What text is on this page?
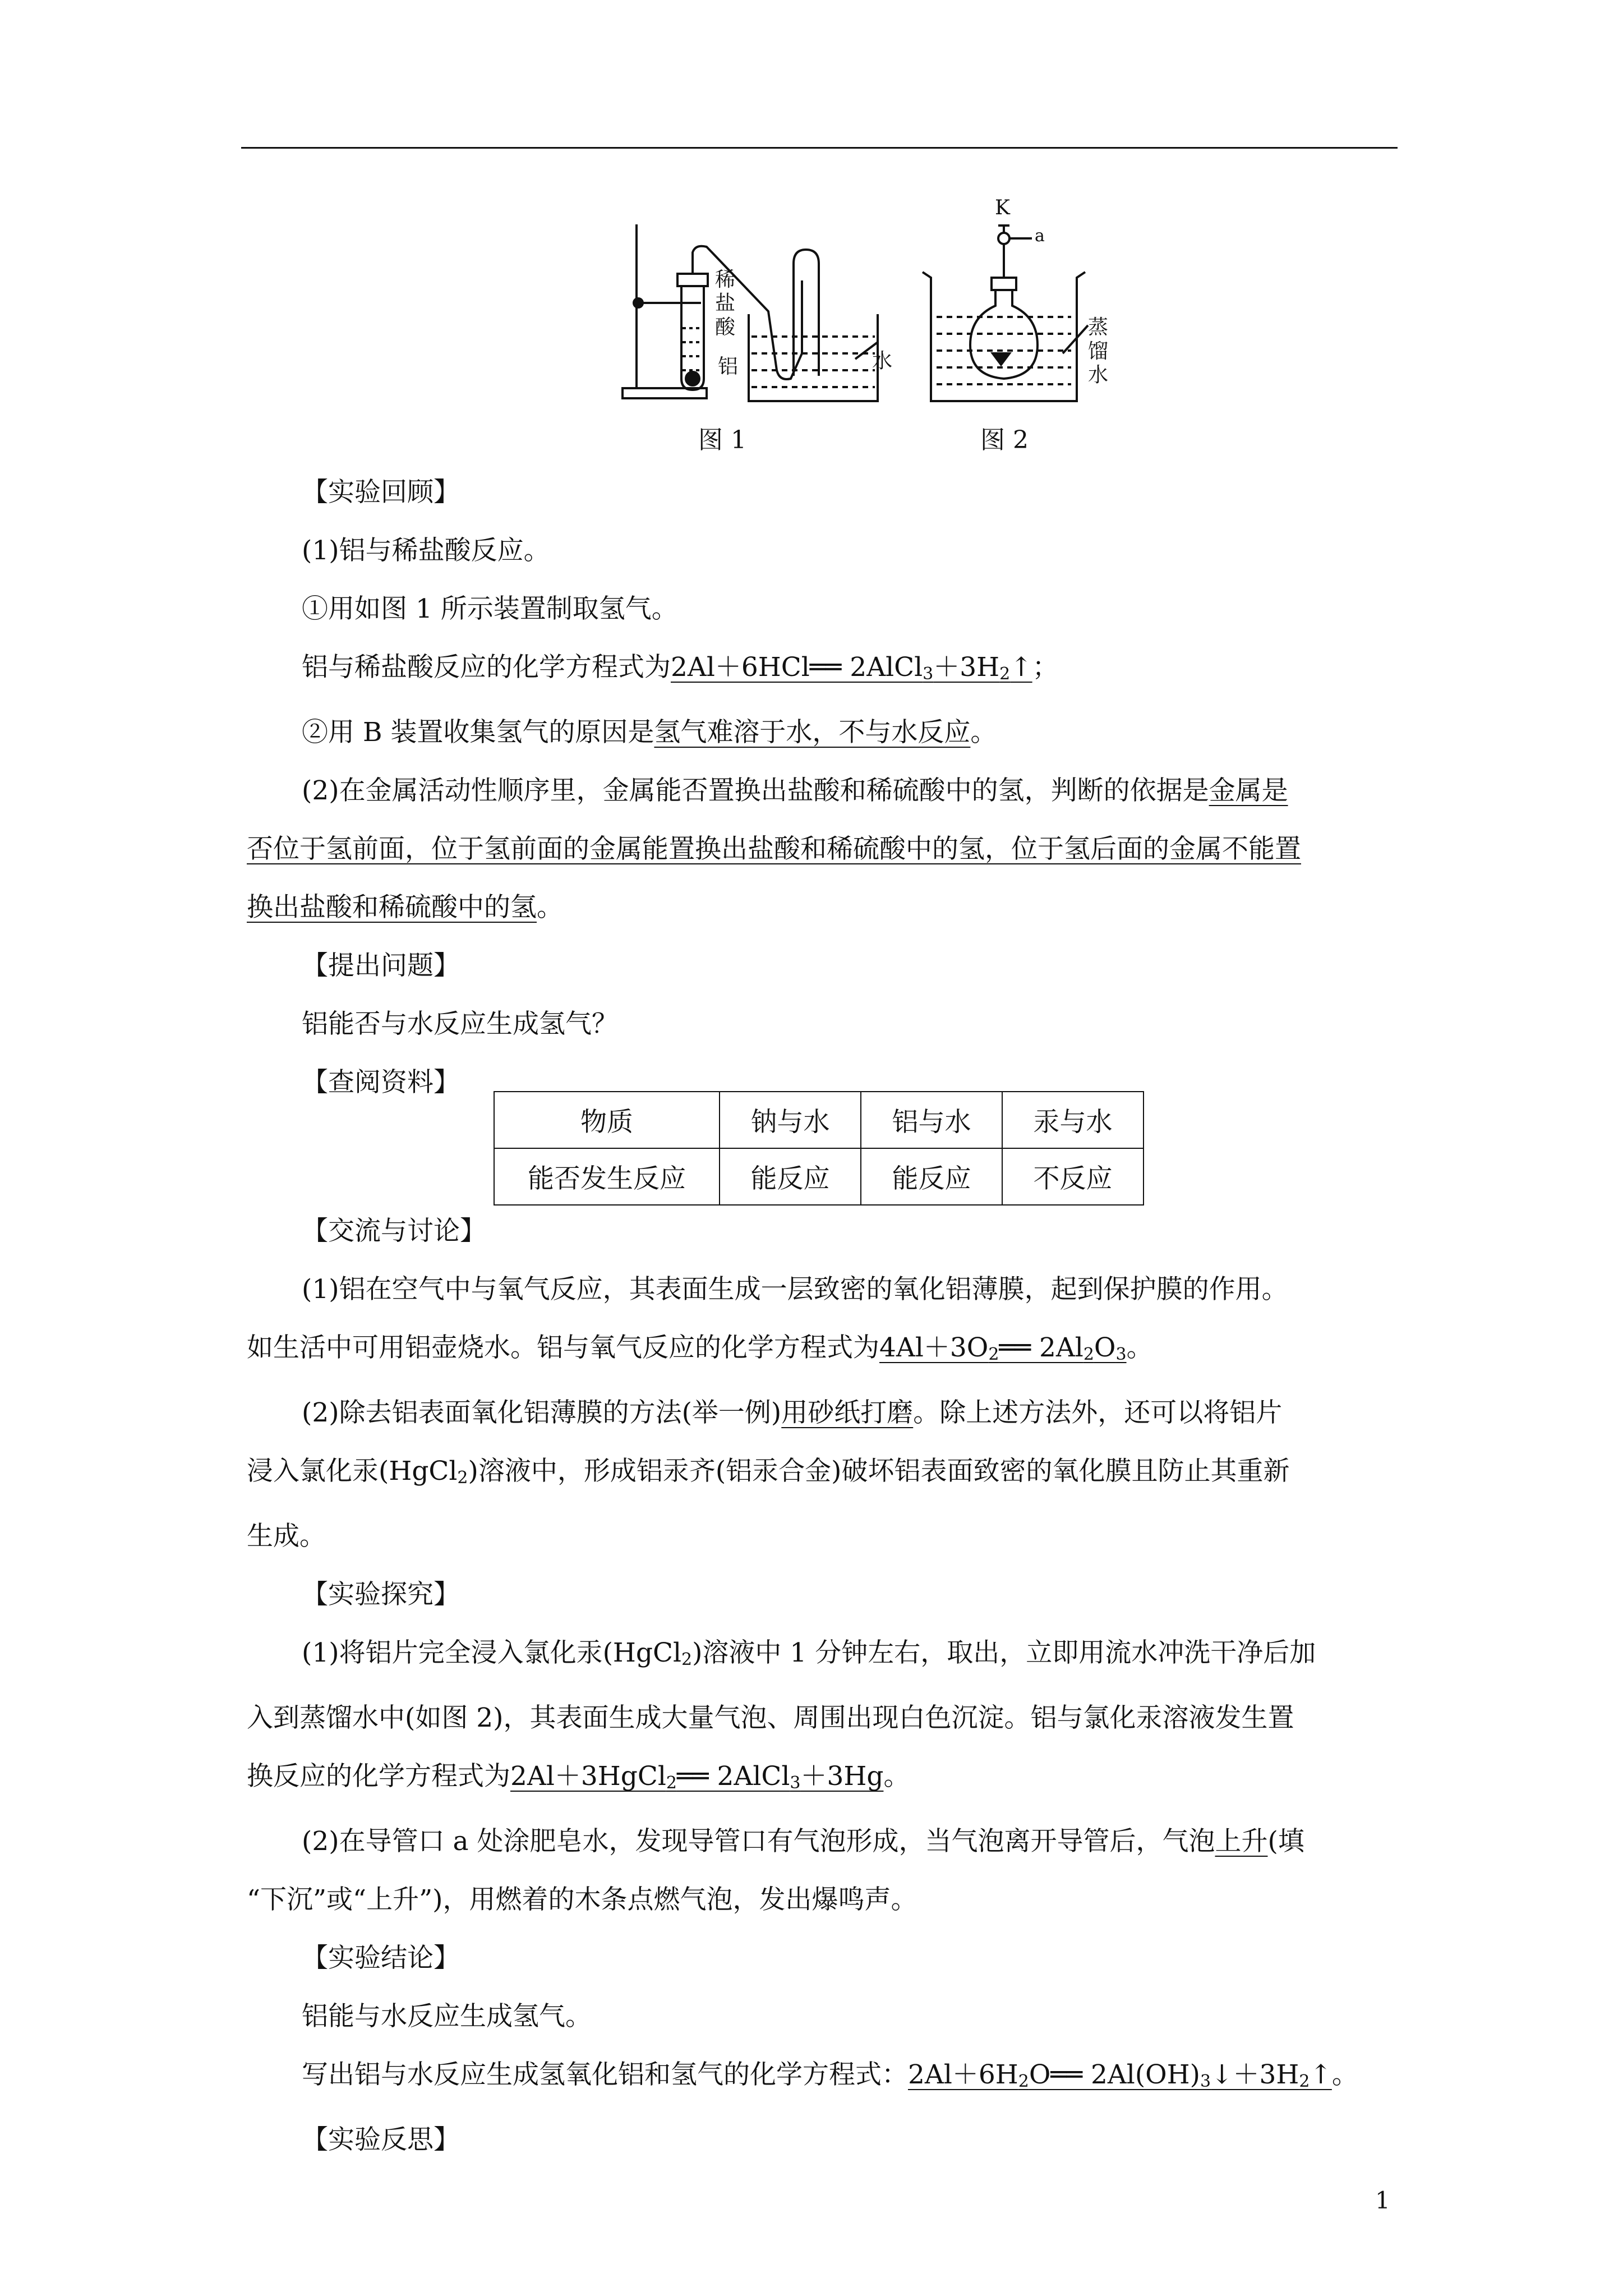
稀
盐
酸
铝	水
K
a
蒸
馏
水
图 1	图 2

【实验回顾】

(1)铝与稀盐酸反应。

①用如图 1 所示装置制取氢气。

铝与稀盐酸反应的化学方程式为2Al＋6HCl══ $2AlCl_3+3H_2↑$；

②用 B 装置收集氢气的原因是氢气难溶于水，不与水反应。

(2)在金属活动性顺序里，金属能否置换出盐酸和稀硫酸中的氢，判断的依据是金属是

否位于氢前面，位于氢前面的金属能置换出盐酸和稀硫酸中的氢，位于氢后面的金属不能置

换出盐酸和稀硫酸中的氢。

【提出问题】

铝能否与水反应生成氢气？

【查阅资料】

物质	钠与水	铝与水	汞与水
能否发生反应	能反应	能反应	不反应

【交流与讨论】

(1)铝在空气中与氧气反应，其表面生成一层致密的氧化铝薄膜，起到保护膜的作用。

如生活中可用铝壶烧水。铝与氧气反应的化学方程式为$4Al+3O_2══$ $2Al_2O_3$。

(2)除去铝表面氧化铝薄膜的方法(举一例)用砂纸打磨。除上述方法外，还可以将铝片

浸入氯化汞(HgCl$_2$)溶液中，形成铝汞齐(铝汞合金)破坏铝表面致密的氧化膜且防止其重新

生成。

【实验探究】

(1)将铝片完全浸入氯化汞(HgCl$_2$)溶液中 1 分钟左右，取出，立即用流水冲洗干净后加

入到蒸馏水中(如图 2)，其表面生成大量气泡、周围出现白色沉淀。铝与氯化汞溶液发生置

换反应的化学方程式为2Al＋3HgCl$_2$══ 2AlCl$_3$＋3Hg。

(2)在导管口 a 处涂肥皂水，发现导管口有气泡形成，当气泡离开导管后，气泡上升(填

“下沉”或“上升”)，用燃着的木条点燃气泡，发出爆鸣声。

【实验结论】

铝能与水反应生成氢气。

写出铝与水反应生成氢氧化铝和氢气的化学方程式：$2Al+6H_2O══$ $2Al(OH)_3↓+3H_2↑$。

【实验反思】

1
